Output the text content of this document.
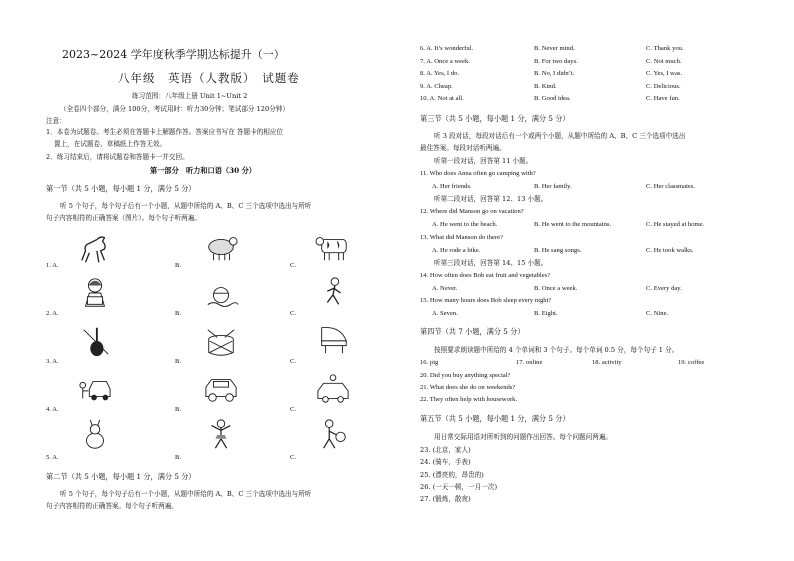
2023~2024 学年度秋季学期达标提升（一）
八年级　英语（人教版）　试题卷
练习范围：八年级上册 Unit 1~Unit 2
（全卷四个部分，满分 100分，考试用时：听力30分钟；笔试部分 120分钟）
注意：
1．本卷为试题卷。考生必须在答题卡上解题作答。答案应书写在 答题卡的相应位
置上，在试题卷、草稿纸上作答无效。
2．练习结束后，请将试题卷和答题卡一并交回。
第一部分　听力和口语（30 分）
第一节（共 5 小题，每小题 1 分，满分 5 分）
听 5 个句子，每个句子后有一个小题，从题中所给的 A、B、C 三个选项中选出与所听
句子内容相符的正确答案（图片）。每个句子听两遍。
1. A.	B.	C.
2. A.	B.	C.
3. A.	B.	C.
4. A.	B.	C.
5. A.	B.	C.
第二节（共 5 小题，每小题 1 分，满分 5 分）
听 5 个句子，每个句子后有一个小题，从题中所给的 A、B、C 三个选项中选出与所听
句子内容相符的正确答案。每个句子听两遍。
6. A. It’s wonderful.	B. Never mind.	C. Thank you.
7. A. Once a week.	B. For two days.	C. Not much.
8. A. Yes, I do.	B. No, I didn’t.	C. Yes, I was.
9. A. Cheap.	B. Kind.	C. Delicious.
10. A. Not at all.	B. Good idea.	C. Have fun.
第三节（共 5 小题，每小题 1 分，满分 5 分）
听 3 段对话，每段对话后有一个或两个小题，从题中所给的 A、B、C 三个选项中选出
最佳答案。每段对话听两遍。
听第一段对话，回答第 11 小题。
11. Who does Anna often go camping with?
A. Her friends.	B. Her family.	C. Her classmates.
听第二段对话，回答第 12、13 小题。
12. Where did Manson go on vacation?
A. He went to the beach.	B. He went to the mountains.	C. He stayed at home.
13. What did Manson do there?
A. He rode a bike.	B. He sang songs.	C. He took walks.
听第三段对话，回答第 14、15 小题。
14. How often does Bob eat fruit and vegetables?
A. Never.	B. Once a week.	C. Every day.
15. How many hours does Bob sleep every night?
A. Seven.	B. Eight.	C. Nine.
第四节（共 7 小题，满分 5 分）
按照要求朗读题中所给的 4 个单词和 3 个句子。每个单词 0.5 分，每个句子 1 分。
16. pig	17. online	18. activity	19. coffee
20. Did you buy anything special?
21. What does she do on weekends?
22. They often help with housework.
第五节（共 5 小题，每小题 1 分，满分 5 分）
用日常交际用语对所听到的问题作出回答。每个问题问两遍。
23. (北京，家人)
24. (骑车，手表)
25. (漂亮的，昂贵的)
26. (一天一顿，一月一次)
27. (锻炼，散夜)
